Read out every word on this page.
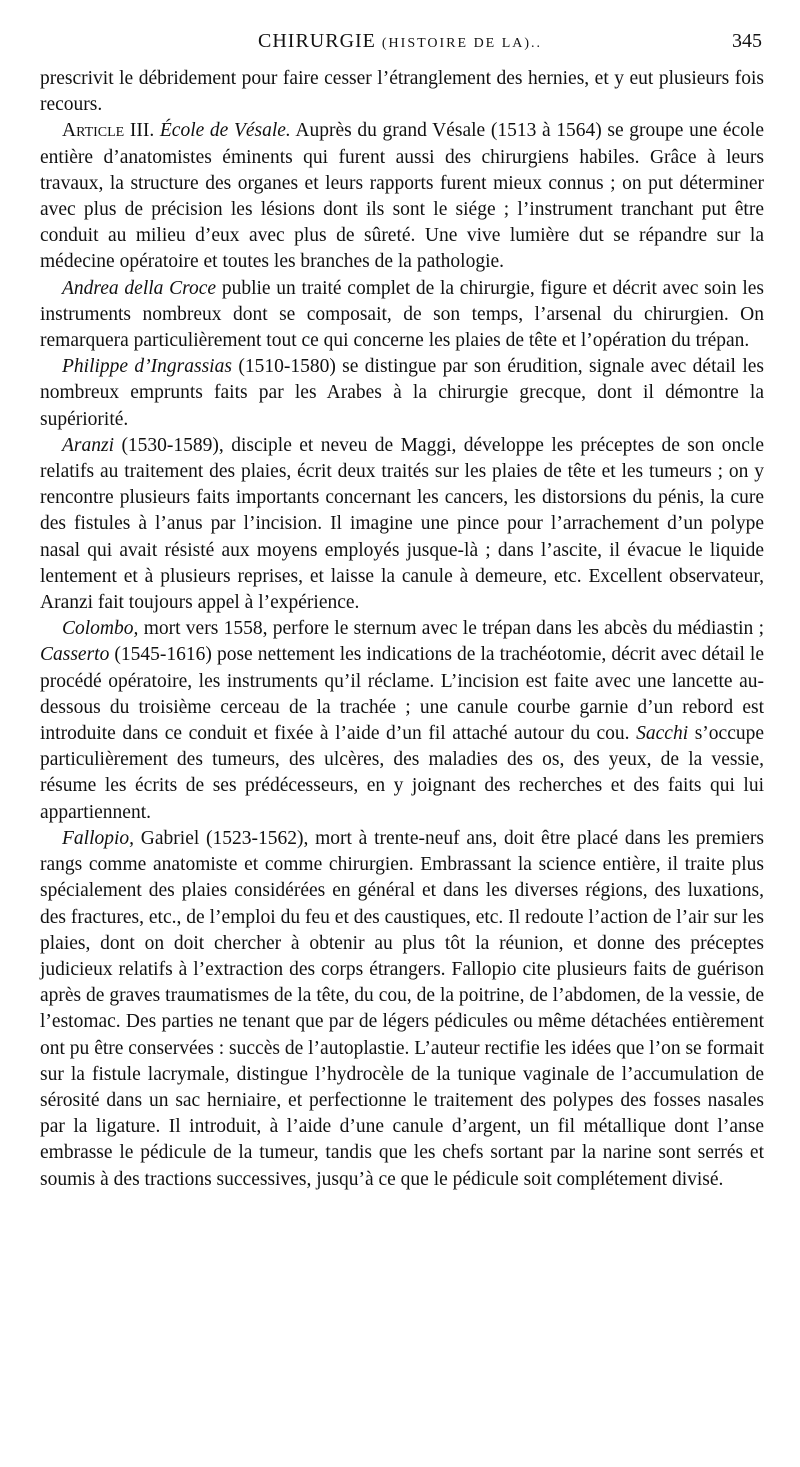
CHIRURGIE (HISTOIRE DE LA)..	345

prescrivit le débridement pour faire cesser l’étranglement des hernies, et y eut plusieurs fois recours.

Article III. École de Vésale. Auprès du grand Vésale (1513 à 1564) se groupe une école entière d’anatomistes éminents qui furent aussi des chirurgiens habiles. Grâce à leurs travaux, la structure des organes et leurs rapports furent mieux connus ; on put déterminer avec plus de précision les lésions dont ils sont le siége ; l’instrument tranchant put être conduit au milieu d’eux avec plus de sûreté. Une vive lumière dut se répandre sur la médecine opératoire et toutes les branches de la pathologie.

Andrea della Croce publie un traité complet de la chirurgie, figure et décrit avec soin les instruments nombreux dont se composait, de son temps, l’arsenal du chirurgien. On remarquera particulièrement tout ce qui concerne les plaies de tête et l’opération du trépan.

Philippe d’Ingrassias (1510-1580) se distingue par son érudition, signale avec détail les nombreux emprunts faits par les Arabes à la chirurgie grecque, dont il démontre la supériorité.

Aranzi (1530-1589), disciple et neveu de Maggi, développe les préceptes de son oncle relatifs au traitement des plaies, écrit deux traités sur les plaies de tête et les tumeurs ; on y rencontre plusieurs faits importants concernant les cancers, les distorsions du pénis, la cure des fistules à l’anus par l’incision. Il imagine une pince pour l’arrachement d’un polype nasal qui avait résisté aux moyens employés jusque-là ; dans l’ascite, il évacue le liquide lentement et à plusieurs reprises, et laisse la canule à demeure, etc. Excellent observateur, Aranzi fait toujours appel à l’expérience.

Colombo, mort vers 1558, perfore le sternum avec le trépan dans les abcès du médiastin ; Casserto (1545-1616) pose nettement les indications de la trachéotomie, décrit avec détail le procédé opératoire, les instruments qu’il réclame. L’incision est faite avec une lancette au-dessous du troisième cerceau de la trachée ; une canule courbe garnie d’un rebord est introduite dans ce conduit et fixée à l’aide d’un fil attaché autour du cou. Sacchi s’occupe particulièrement des tumeurs, des ulcères, des maladies des os, des yeux, de la vessie, résume les écrits de ses prédécesseurs, en y joignant des recherches et des faits qui lui appartiennent.

Fallopio, Gabriel (1523-1562), mort à trente-neuf ans, doit être placé dans les premiers rangs comme anatomiste et comme chirurgien. Embrassant la science entière, il traite plus spécialement des plaies considérées en général et dans les diverses régions, des luxations, des fractures, etc., de l’emploi du feu et des caustiques, etc. Il redoute l’action de l’air sur les plaies, dont on doit chercher à obtenir au plus tôt la réunion, et donne des préceptes judicieux relatifs à l’extraction des corps étrangers. Fallopio cite plusieurs faits de guérison après de graves traumatismes de la tête, du cou, de la poitrine, de l’abdomen, de la vessie, de l’estomac. Des parties ne tenant que par de légers pédicules ou même détachées entièrement ont pu être conservées : succès de l’autoplastie. L’auteur rectifie les idées que l’on se formait sur la fistule lacrymale, distingue l’hydrocèle de la tunique vaginale de l’accumulation de sérosité dans un sac herniaire, et perfectionne le traitement des polypes des fosses nasales par la ligature. Il introduit, à l’aide d’une canule d’argent, un fil métallique dont l’anse embrasse le pédicule de la tumeur, tandis que les chefs sortant par la narine sont serrés et soumis à des tractions successives, jusqu’à ce que le pédicule soit complétement divisé.
